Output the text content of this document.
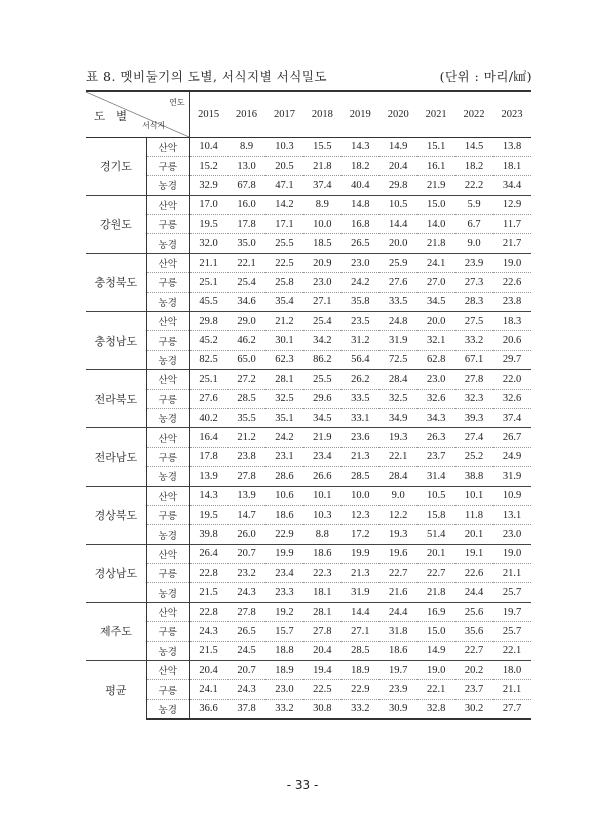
표 8. 멧비둘기의 도별, 서식지별 서식밀도	(단위 : 마리/㎢)
도 별
연도
서식지		2015	2016	2017	2018	2019	2020	2021	2022	2023
경기도	산악	10.4	8.9	10.3	15.5	14.3	14.9	15.1	14.5	13.8
	구릉	15.2	13.0	20.5	21.8	18.2	20.4	16.1	18.2	18.1
	농경	32.9	67.8	47.1	37.4	40.4	29.8	21.9	22.2	34.4
강원도	산악	17.0	16.0	14.2	8.9	14.8	10.5	15.0	5.9	12.9
	구릉	19.5	17.8	17.1	10.0	16.8	14.4	14.0	6.7	11.7
	농경	32.0	35.0	25.5	18.5	26.5	20.0	21.8	9.0	21.7
충청북도	산악	21.1	22.1	22.5	20.9	23.0	25.9	24.1	23.9	19.0
	구릉	25.1	25.4	25.8	23.0	24.2	27.6	27.0	27.3	22.6
	농경	45.5	34.6	35.4	27.1	35.8	33.5	34.5	28.3	23.8
충청남도	산악	29.8	29.0	21.2	25.4	23.5	24.8	20.0	27.5	18.3
	구릉	45.2	46.2	30.1	34.2	31.2	31.9	32.1	33.2	20.6
	농경	82.5	65.0	62.3	86.2	56.4	72.5	62.8	67.1	29.7
전라북도	산악	25.1	27.2	28.1	25.5	26.2	28.4	23.0	27.8	22.0
	구릉	27.6	28.5	32.5	29.6	33.5	32.5	32.6	32.3	32.6
	농경	40.2	35.5	35.1	34.5	33.1	34.9	34.3	39.3	37.4
전라남도	산악	16.4	21.2	24.2	21.9	23.6	19.3	26.3	27.4	26.7
	구릉	17.8	23.8	23.1	23.4	21.3	22.1	23.7	25.2	24.9
	농경	13.9	27.8	28.6	26.6	28.5	28.4	31.4	38.8	31.9
경상북도	산악	14.3	13.9	10.6	10.1	10.0	9.0	10.5	10.1	10.9
	구릉	19.5	14.7	18.6	10.3	12.3	12.2	15.8	11.8	13.1
	농경	39.8	26.0	22.9	8.8	17.2	19.3	51.4	20.1	23.0
경상남도	산악	26.4	20.7	19.9	18.6	19.9	19.6	20.1	19.1	19.0
	구릉	22.8	23.2	23.4	22.3	21.3	22.7	22.7	22.6	21.1
	농경	21.5	24.3	23.3	18.1	31.9	21.6	21.8	24.4	25.7
제주도	산악	22.8	27.8	19.2	28.1	14.4	24.4	16.9	25.6	19.7
	구릉	24.3	26.5	15.7	27.8	27.1	31.8	15.0	35.6	25.7
	농경	21.5	24.5	18.8	20.4	28.5	18.6	14.9	22.7	22.1
평균	산악	20.4	20.7	18.9	19.4	18.9	19.7	19.0	20.2	18.0
	구릉	24.1	24.3	23.0	22.5	22.9	23.9	22.1	23.7	21.1
	농경	36.6	37.8	33.2	30.8	33.2	30.9	32.8	30.2	27.7
- 33 -
